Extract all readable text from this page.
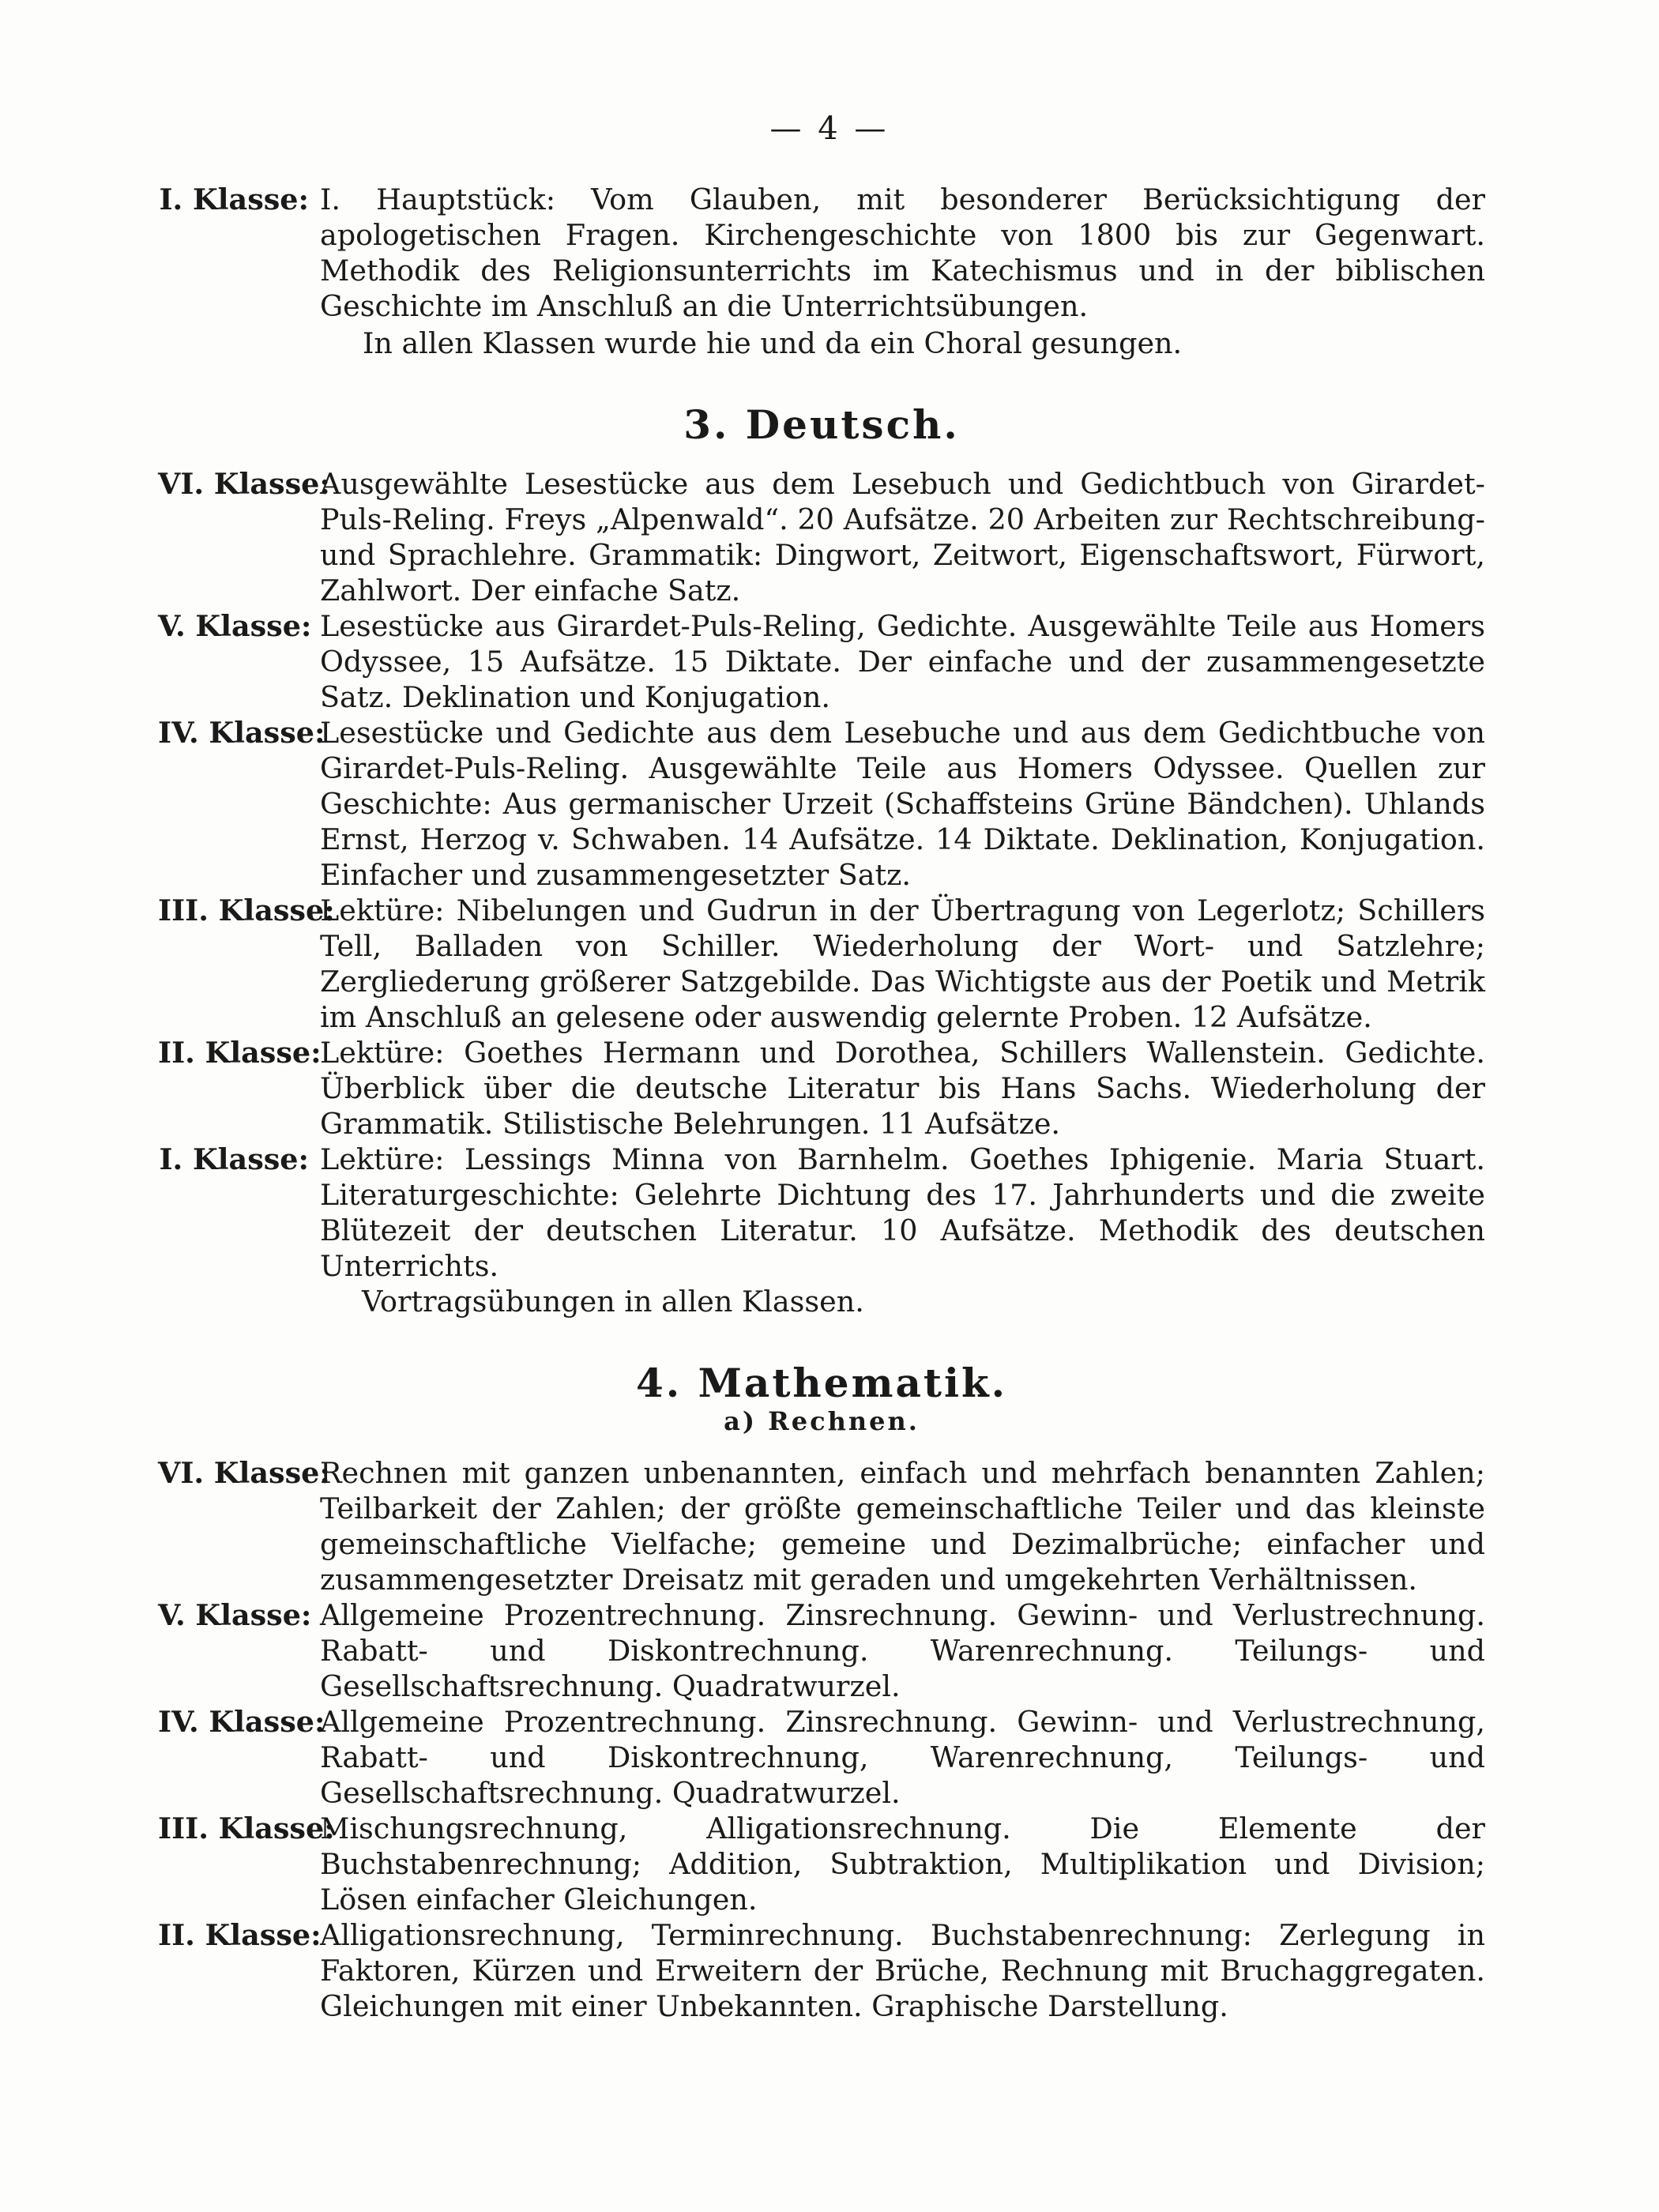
— 4 —
I. Klasse: I. Hauptstück: Vom Glauben, mit besonderer Berücksichtigung der apologetischen Fragen. Kirchengeschichte von 1800 bis zur Gegenwart. Methodik des Religionsunterrichts im Katechismus und in der biblischen Geschichte im Anschluß an die Unterrichtsübungen.
In allen Klassen wurde hie und da ein Choral gesungen.
3. Deutsch.
VI. Klasse:
Ausgewählte Lesestücke aus dem Lesebuch und Gedichtbuch von Girardet-Puls-Reling. Freys „Alpenwald“. 20 Aufsätze. 20 Arbeiten zur Rechtschreibung- und Sprachlehre. Grammatik: Dingwort, Zeitwort, Eigenschaftswort, Fürwort, Zahlwort. Der einfache Satz.
V. Klasse: Lesestücke aus Girardet-Puls-Reling, Gedichte. Ausgewählte Teile aus Homers Odyssee, 15 Aufsätze. 15 Diktate. Der einfache und der zusammengesetzte Satz. Deklination und Konjugation.
IV. Klasse:
Lesestücke und Gedichte aus dem Lesebuche und aus dem Gedichtbuche von Girardet-Puls-Reling. Ausgewählte Teile aus Homers Odyssee. Quellen zur Geschichte: Aus germanischer Urzeit (Schaffsteins Grüne Bändchen). Uhlands Ernst, Herzog v. Schwaben. 14 Aufsätze. 14 Diktate. Deklination, Konjugation. Einfacher und zusammengesetzter Satz.
III. Klasse:
Lektüre: Nibelungen und Gudrun in der Übertragung von Legerlotz; Schillers Tell, Balladen von Schiller. Wiederholung der Wort- und Satzlehre; Zergliederung größerer Satzgebilde. Das Wichtigste aus der Poetik und Metrik im Anschluß an gelesene oder auswendig gelernte Proben. 12 Aufsätze.
II. Klasse:
Lektüre: Goethes Hermann und Dorothea, Schillers Wallenstein. Gedichte. Überblick über die deutsche Literatur bis Hans Sachs. Wiederholung der Grammatik. Stilistische Belehrungen. 11 Aufsätze.
I. Klasse: Lektüre: Lessings Minna von Barnhelm. Goethes Iphigenie. Maria Stuart. Literaturgeschichte: Gelehrte Dichtung des 17. Jahrhunderts und die zweite Blütezeit der deutschen Literatur. 10 Aufsätze. Methodik des deutschen Unterrichts.
Vortragsübungen in allen Klassen.
4. Mathematik.
a) Rechnen.
VI. Klasse:
Rechnen mit ganzen unbenannten, einfach und mehrfach benannten Zahlen; Teilbarkeit der Zahlen; der größte gemeinschaftliche Teiler und das kleinste gemeinschaftliche Vielfache; gemeine und Dezimalbrüche; einfacher und zusammengesetzter Dreisatz mit geraden und umgekehrten Verhältnissen.
V. Klasse: Allgemeine Prozentrechnung. Zinsrechnung. Gewinn- und Verlustrechnung. Rabatt- und Diskontrechnung. Warenrechnung. Teilungs- und Gesellschaftsrechnung. Quadratwurzel.
IV. Klasse:
Allgemeine Prozentrechnung. Zinsrechnung. Gewinn- und Verlustrechnung, Rabatt- und Diskontrechnung, Warenrechnung, Teilungs- und Gesellschaftsrechnung. Quadratwurzel.
III. Klasse:
Mischungsrechnung, Alligationsrechnung. Die Elemente der Buchstabenrechnung; Addition, Subtraktion, Multiplikation und Division; Lösen einfacher Gleichungen.
II. Klasse:
Alligationsrechnung, Terminrechnung. Buchstabenrechnung: Zerlegung in Faktoren, Kürzen und Erweitern der Brüche, Rechnung mit Bruchaggregaten. Gleichungen mit einer Unbekannten. Graphische Darstellung.
